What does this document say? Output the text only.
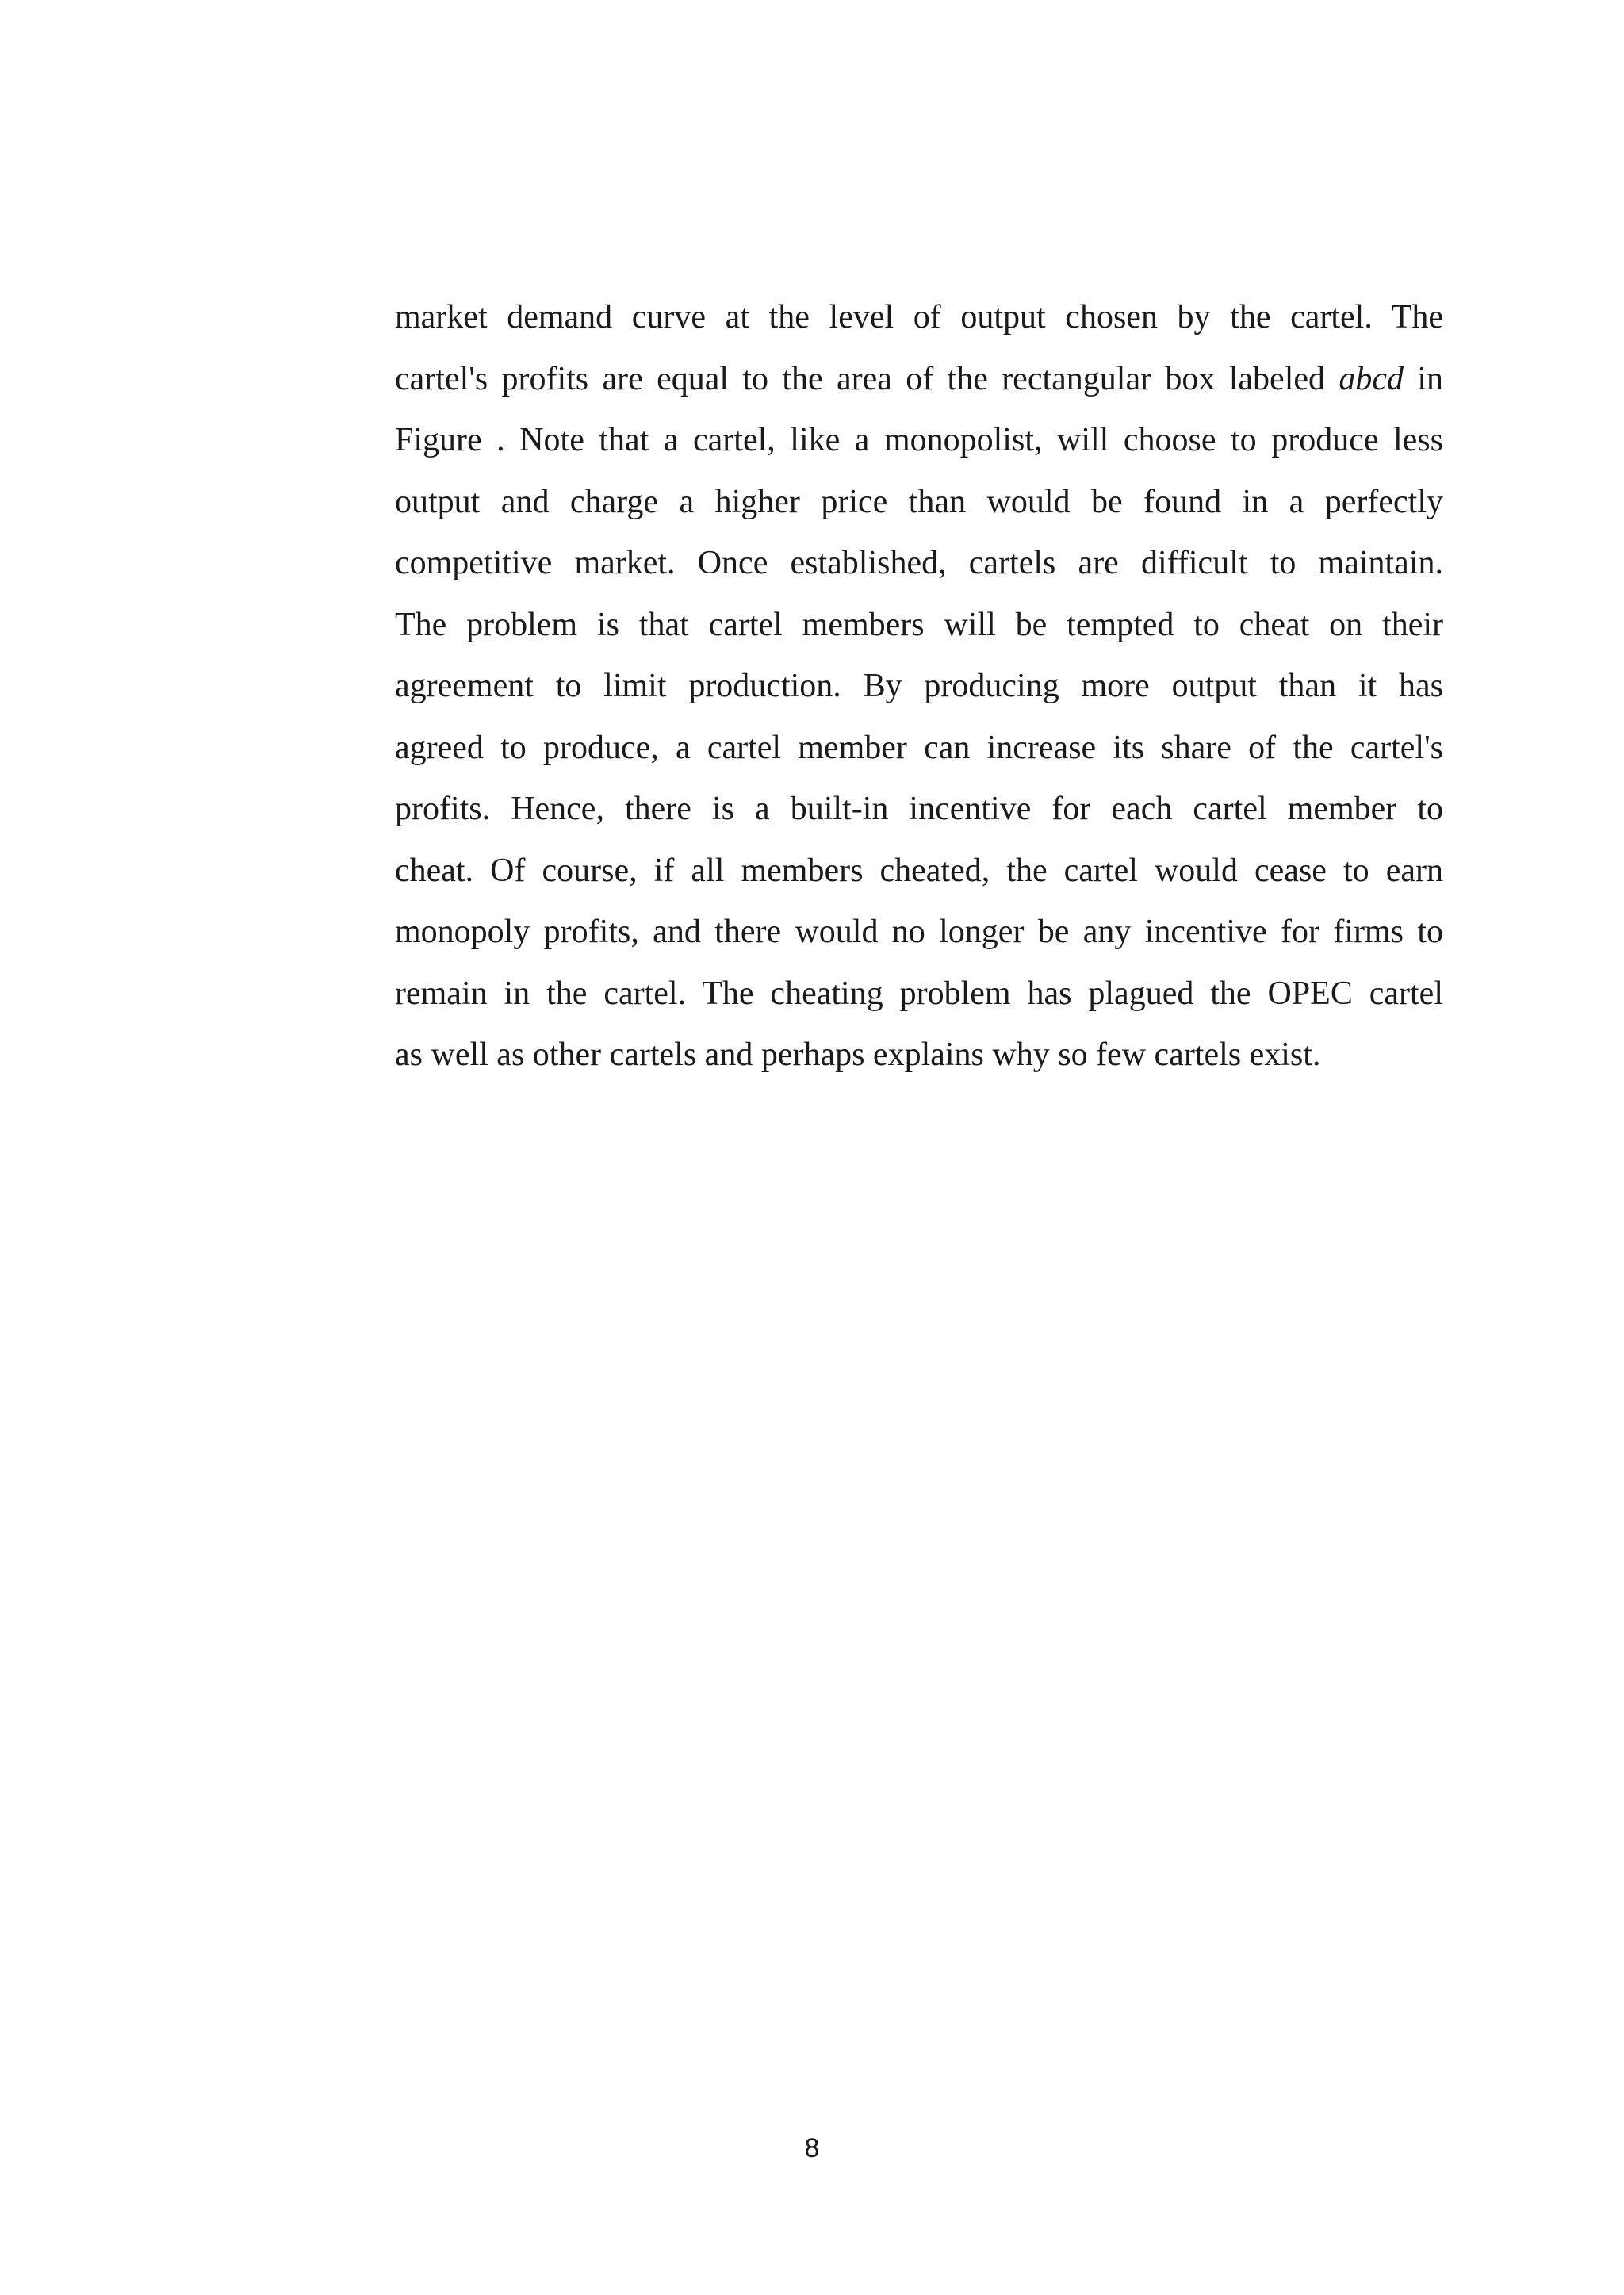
market demand curve at the level of output chosen by the cartel. The
cartel's profits are equal to the area of the rectangular box labeled abcd in
Figure . Note that a cartel, like a monopolist, will choose to produce less
output and charge a higher price than would be found in a perfectly
competitive market. Once established, cartels are difficult to maintain.
The problem is that cartel members will be tempted to cheat on their
agreement to limit production. By producing more output than it has
agreed to produce, a cartel member can increase its share of the cartel's
profits. Hence, there is a built-in incentive for each cartel member to
cheat. Of course, if all members cheated, the cartel would cease to earn
monopoly profits, and there would no longer be any incentive for firms to
remain in the cartel. The cheating problem has plagued the OPEC cartel
as well as other cartels and perhaps explains why so few cartels exist.
8
